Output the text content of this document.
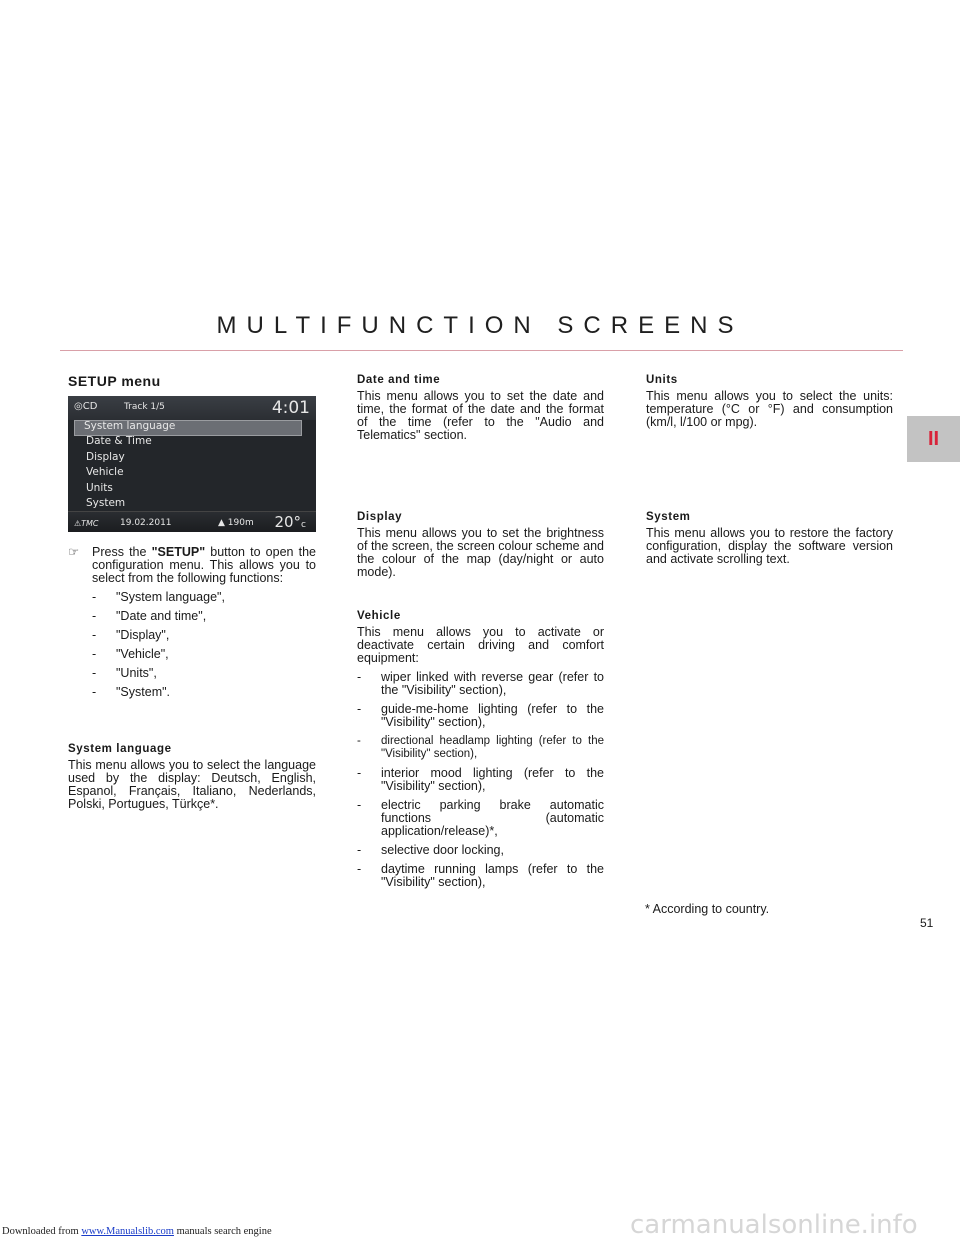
MULTIFUNCTION SCREENS
II
SETUP menu
◎CD	Track 1/5	4:01
System language
Date & Time
Display
Vehicle
Units
System
⚠TMC 19.02.2011	▲ 190m 20°c
☞ Press the "SETUP" button to open the configuration menu. This allows you to select from the following functions:
- "System language",
- "Date and time",
- "Display",
- "Vehicle",
- "Units",
- "System".
System language
This menu allows you to select the language used by the display: Deutsch, English, Espanol, Français, Italiano, Nederlands, Polski, Portugues, Türkçe*.
Date and time
This menu allows you to set the date and time, the format of the date and the format of the time (refer to the "Audio and Telematics" section.
Display
This menu allows you to set the brightness of the screen, the screen colour scheme and the colour of the map (day/night or auto mode).
Vehicle
This menu allows you to activate or deactivate certain driving and comfort equipment:
- wiper linked with reverse gear (refer to the "Visibility" section),
- guide-me-home lighting (refer to the "Visibility" section),
- directional headlamp lighting (refer to the "Visibility" section),
- interior mood lighting (refer to the "Visibility" section),
- electric parking brake automatic functions (automatic application/release)*,
- selective door locking,
- daytime running lamps (refer to the "Visibility" section),
Units
This menu allows you to select the units: temperature (°C or °F) and consumption (km/l, l/100 or mpg).
System
This menu allows you to restore the factory configuration, display the software version and activate scrolling text.
* According to country.
51
carmanualsonline.info
Downloaded from www.Manualslib.com manuals search engine
